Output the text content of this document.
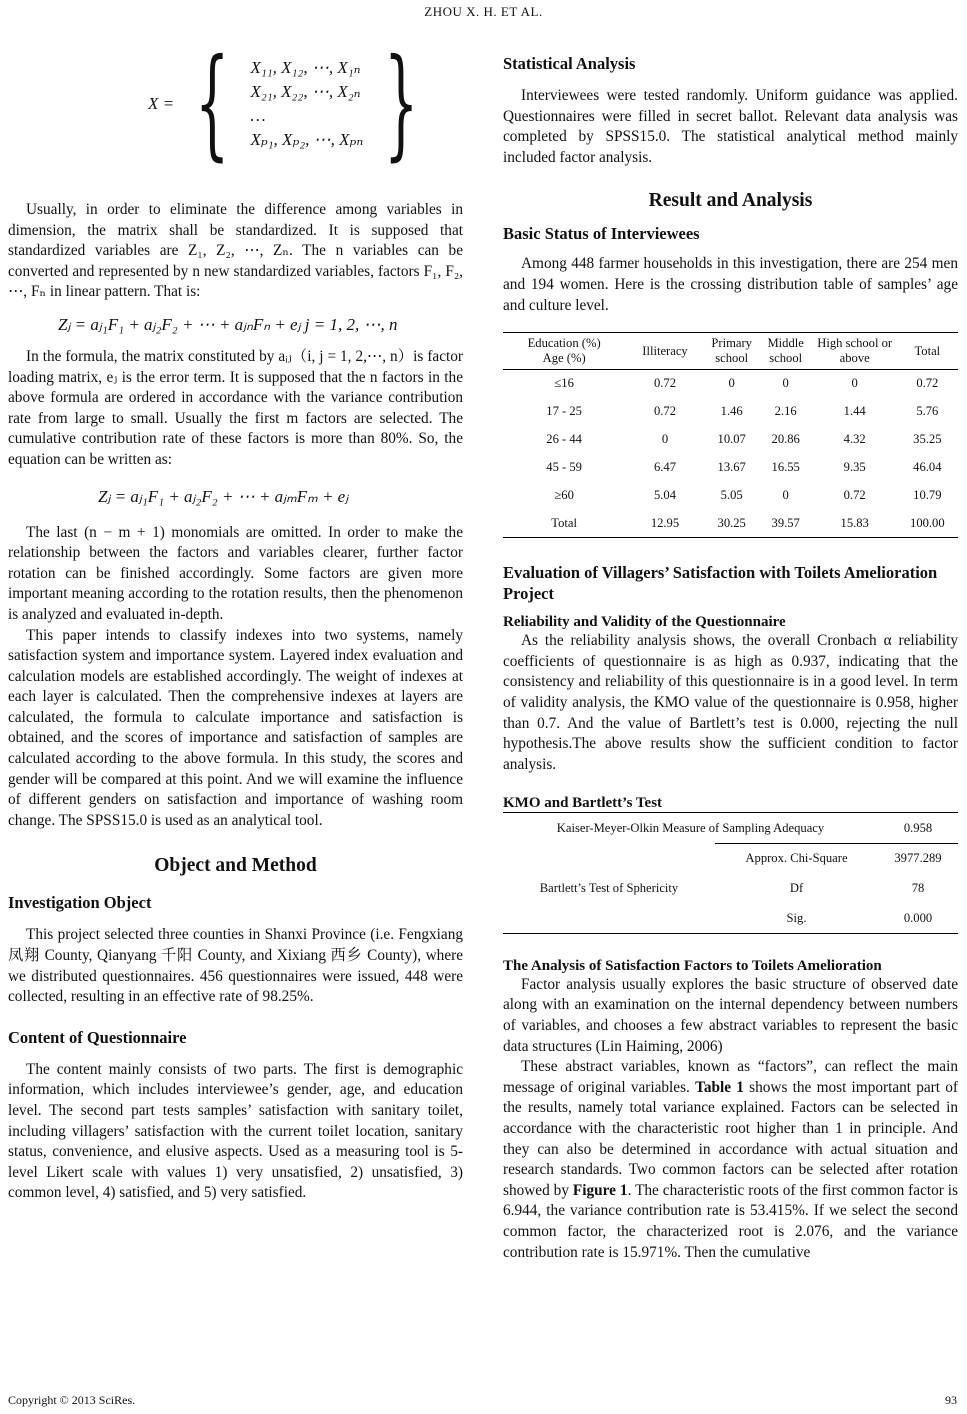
ZHOU X. H. ET AL.
X = { X₁₁, X₁₂, ⋯, X₁ₙ
X₂₁, X₂₂, ⋯, X₂ₙ
…
Xₚ₁, Xₚ₂, ⋯, Xₚₙ }

Usually, in order to eliminate the difference among variables in dimension, the matrix shall be standardized. It is supposed that standardized variables are Z₁, Z₂, ⋯, Zₙ. The n variables can be converted and represented by n new standardized variables, factors F₁, F₂, ⋯, Fₙ in linear pattern. That is:

Zⱼ = aⱼ₁F₁ + aⱼ₂F₂ + ⋯ + aⱼₙFₙ + eⱼ j = 1, 2, ⋯, n

In the formula, the matrix constituted by aᵢⱼ（i, j = 1, 2,⋯, n）is factor loading matrix, eⱼ is the error term. It is supposed that the n factors in the above formula are ordered in accordance with the variance contribution rate from large to small. Usually the first m factors are selected. The cumulative contribution rate of these factors is more than 80%. So, the equation can be written as:

Zⱼ = aⱼ₁F₁ + aⱼ₂F₂ + ⋯ + aⱼₘFₘ + eⱼ

The last (n − m + 1) monomials are omitted. In order to make the relationship between the factors and variables clearer, further factor rotation can be finished accordingly. Some factors are given more important meaning according to the rotation results, then the phenomenon is analyzed and evaluated in-depth.

This paper intends to classify indexes into two systems, namely satisfaction system and importance system. Layered index evaluation and calculation models are established accordingly. The weight of indexes at each layer is calculated. Then the comprehensive indexes at layers are calculated, the formula to calculate importance and satisfaction is obtained, and the scores of importance and satisfaction of samples are calculated according to the above formula. In this study, the scores and gender will be compared at this point. And we will examine the influence of different genders on satisfaction and importance of washing room change. The SPSS15.0 is used as an analytical tool.

Object and Method
Investigation Object

This project selected three counties in Shanxi Province (i.e. Fengxiang 凤翔 County, Qianyang 千阳 County, and Xixiang 西乡 County), where we distributed questionnaires. 456 questionnaires were issued, 448 were collected, resulting in an effective rate of 98.25%.

Content of Questionnaire

The content mainly consists of two parts. The first is demographic information, which includes interviewee’s gender, age, and education level. The second part tests samples’ satisfaction with sanitary toilet, including villagers’ satisfaction with the current toilet location, sanitary status, convenience, and elusive aspects. Used as a measuring tool is 5-level Likert scale with values 1) very unsatisfied, 2) unsatisfied, 3) common level, 4) satisfied, and 5) very satisfied.

Statistical Analysis

Interviewees were tested randomly. Uniform guidance was applied. Questionnaires were filled in secret ballot. Relevant data analysis was completed by SPSS15.0. The statistical analytical method mainly included factor analysis.

Result and Analysis
Basic Status of Interviewees

Among 448 farmer households in this investigation, there are 254 men and 194 women. Here is the crossing distribution table of samples’ age and culture level.

Education (%)
Age (%)	Illiteracy	Primary school	Middle school	High school or above	Total
≤16	0.72	0	0	0	0.72
17 - 25	0.72	1.46	2.16	1.44	5.76
26 - 44	0	10.07	20.86	4.32	35.25
45 - 59	6.47	13.67	16.55	9.35	46.04
≥60	5.04	5.05	0	0.72	10.79
Total	12.95	30.25	39.57	15.83	100.00
Evaluation of Villagers’ Satisfaction with Toilets Amelioration Project
Reliability and Validity of the Questionnaire

As the reliability analysis shows, the overall Cronbach α reliability coefficients of questionnaire is as high as 0.937, indicating that the consistency and reliability of this questionnaire is in a good level. In term of validity analysis, the KMO value of the questionnaire is 0.958, higher than 0.7. And the value of Bartlett’s test is 0.000, rejecting the null hypothesis.The above results show the sufficient condition to factor analysis.

KMO and Bartlett’s Test
Kaiser-Meyer-Olkin Measure of Sampling Adequacy		0.958
Bartlett’s Test of Sphericity	Approx. Chi-Square	3977.289
	Df	78
	Sig.	0.000
The Analysis of Satisfaction Factors to Toilets Amelioration

Factor analysis usually explores the basic structure of observed date along with an examination on the internal dependency between numbers of variables, and chooses a few abstract variables to represent the basic data structures (Lin Haiming, 2006)

These abstract variables, known as “factors”, can reflect the main message of original variables. Table 1 shows the most important part of the results, namely total variance explained. Factors can be selected in accordance with the characteristic root higher than 1 in principle. And they can also be determined in accordance with actual situation and research standards. Two common factors can be selected after rotation showed by Figure 1. The characteristic roots of the first common factor is 6.944, the variance contribution rate is 53.415%. If we select the second common factor, the characterized root is 2.076, and the variance contribution rate is 15.971%. Then the cumulative

Copyright © 2013 SciRes.	93
